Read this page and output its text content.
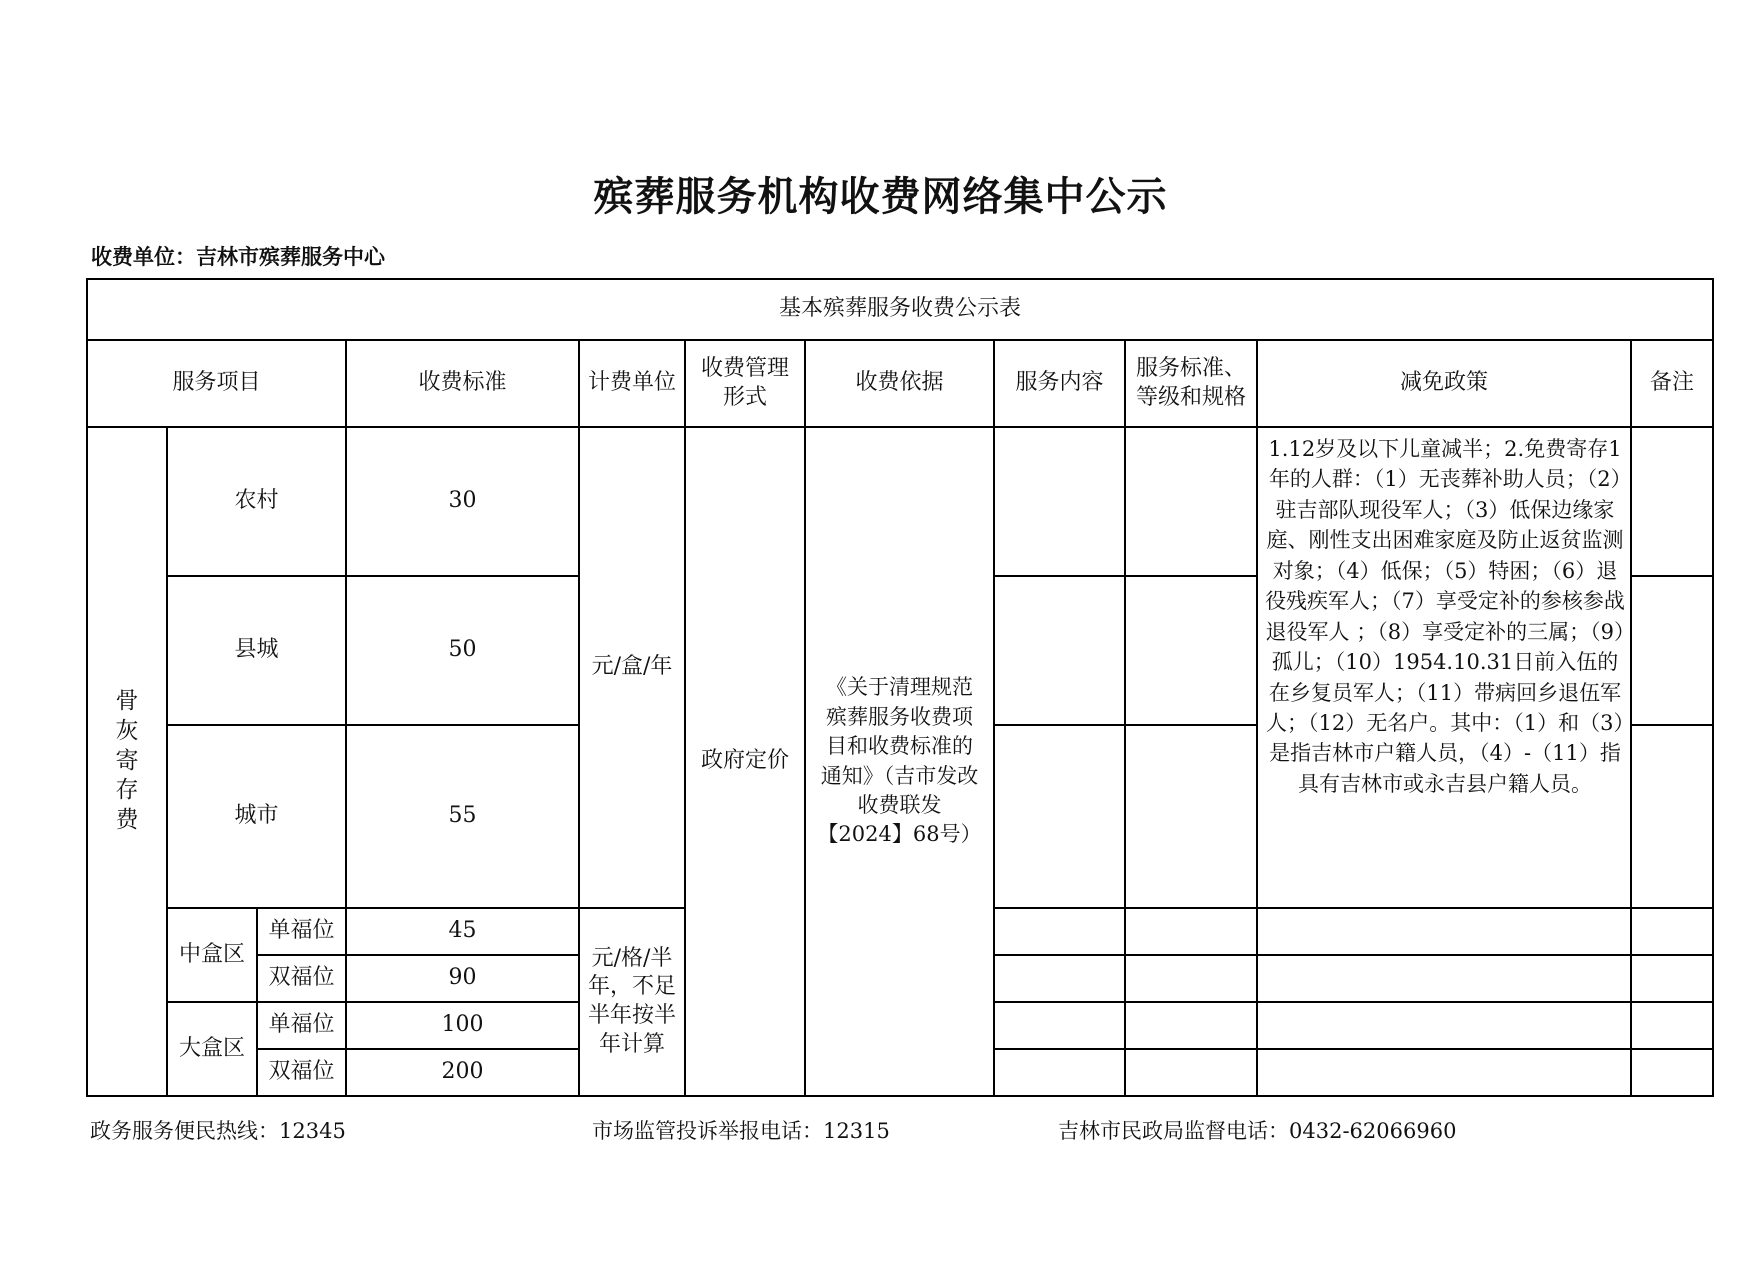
殡葬服务机构收费网络集中公示
收费单位：吉林市殡葬服务中心
基本殡葬服务收费公示表										
服务项目			收费标准	计费单位	收费管理形式	收费依据	服务内容	服务标准、等级和规格	减免政策	备注

骨灰寄存费	农村		30	元/盒/年	政府定价	《关于清理规范殡葬服务收费项目和收费标准的通知》（吉市发改收费联发【2024】68号）			1.12岁及以下儿童减半；2.免费寄存1年的人群：（1）无丧葬补助人员；（2）驻吉部队现役军人；（3）低保边缘家庭、刚性支出困难家庭及防止返贫监测对象；（4）低保；（5）特困；（6）退役残疾军人；（7）享受定补的参核参战退役军人 ；（8）享受定补的三属；（9）孤儿；（10）1954.10.31日前入伍的在乡复员军人；（11）带病回乡退伍军人；（12）无名户。其中：（1）和（3）是指吉林市户籍人员，（4）-（11）指具有吉林市或永吉县户籍人员。	
	县城		50							
	城市		55							
	中盒区	单福位	45	元/格/半年，不足半年按半年计算						

		双福位	90							
	大盒区	单福位	100							
		双福位	200							
政务服务便民热线：12345	市场监管投诉举报电话：12315	吉林市民政局监督电话：0432-62066960
